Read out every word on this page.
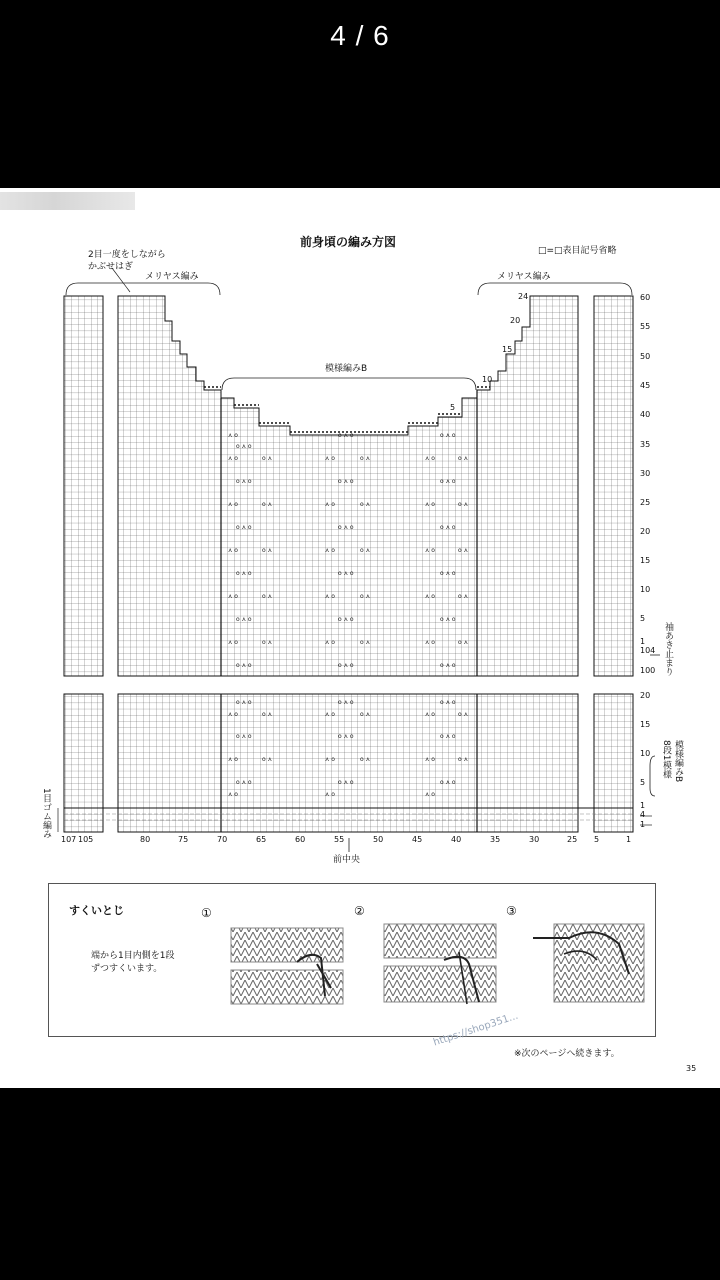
4 / 6
前身頃の編み方図
□=□表目記号省略
2目一度をしながら
かぶせはぎ
メリヤス編み	メリヤス編み
模様編みB
24
20
15
10
5
60
55
50
45
40
35
30
25
20
15
10
5
1
104
100
20
15
10
5
1
4
1
袖あき止まり
模様編みB
8段1模様
1目ゴム編み
107 105	80	75	70	65	60	55	50	45	40	35	30	25 5	1
前中央
⋏ o
o ⋏ o
⋏ o	o ⋏
o ⋏ o
⋏ o	o ⋏
o ⋏ o
⋏ o	o ⋏
o ⋏ o
⋏ o	o ⋏
o ⋏ o
⋏ o	o ⋏
o ⋏ o
o ⋏ o
⋏ o	o ⋏
o ⋏ o
⋏ o	o ⋏
o ⋏ o
⋏ o	o ⋏
o ⋏ o
⋏ o	o ⋏
o ⋏ o
⋏ o	o ⋏
o ⋏ o
o ⋏ o
⋏ o	o ⋏
o ⋏ o
⋏ o	o ⋏
o ⋏ o
⋏ o	o ⋏
o ⋏ o
⋏ o	o ⋏
o ⋏ o
⋏ o	o ⋏
o ⋏ o
o ⋏ o
⋏ o	o ⋏
o ⋏ o
⋏ o	o ⋏
o ⋏ o
⋏ o
o ⋏ o
⋏ o	o ⋏
o ⋏ o
⋏ o	o ⋏
o ⋏ o
⋏ o
o ⋏ o
⋏ o	o ⋏
o ⋏ o
⋏ o	o ⋏
o ⋏ o
⋏ o
すくいとじ
端から1目内側を1段
ずつすくいます。
①	②	③
https://shop351...
※次のページへ続きます。
35
